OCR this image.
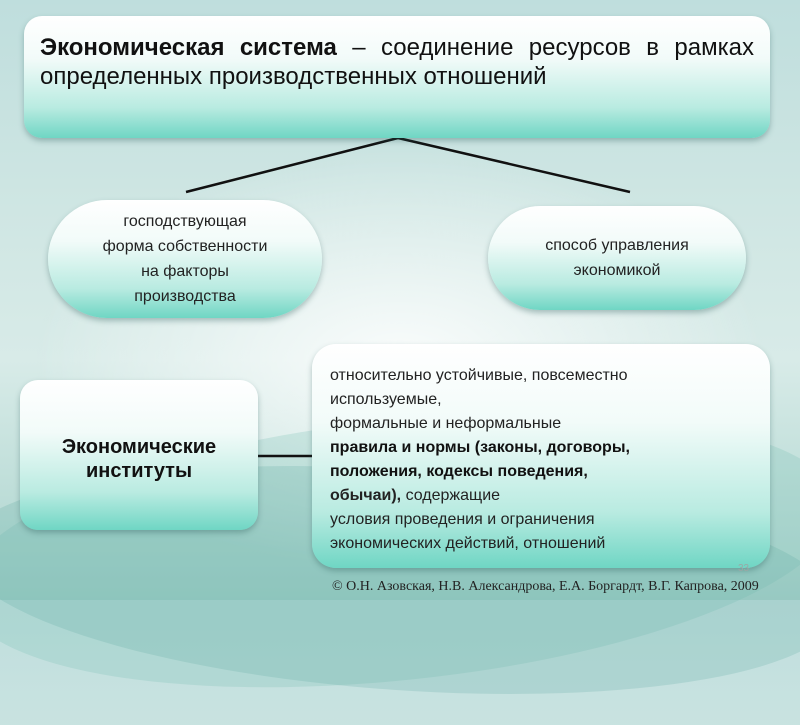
Экономическая система – соединение ресурсов в рамках определенных производственных отношений

господствующая
форма собственности
на факторы
производства
способ управления
экономикой
Экономические
институты
относительно устойчивые, повсеместно
используемые,
формальные и неформальные
правила и нормы (законы, договоры,
положения, кодексы поведения,
обычаи), содержащие
условия проведения и ограничения
экономических действий, отношений
33
© О.Н. Азовская, Н.В. Александрова, Е.А. Боргардт, В.Г. Капрова, 2009
